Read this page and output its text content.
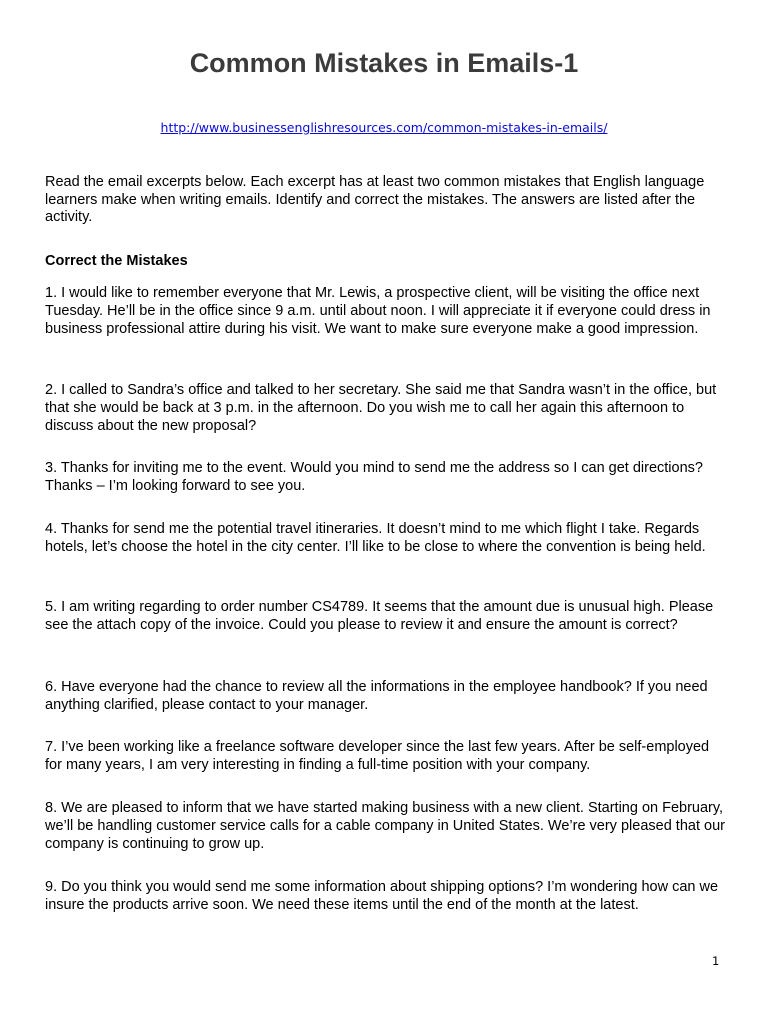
Common Mistakes in Emails-1
http://www.businessenglishresources.com/common-mistakes-in-emails/

Read the email excerpts below. Each excerpt has at least two common mistakes that English language learners make when writing emails. Identify and correct the mistakes. The answers are listed after the activity.

Correct the Mistakes

1. I would like to remember everyone that Mr. Lewis, a prospective client, will be visiting the office next Tuesday. He’ll be in the office since 9 a.m. until about noon. I will appreciate it if everyone could dress in business professional attire during his visit. We want to make sure everyone make a good impression.

2. I called to Sandra’s office and talked to her secretary. She said me that Sandra wasn’t in the office, but that she would be back at 3 p.m. in the afternoon. Do you wish me to call her again this afternoon to discuss about the new proposal?

3. Thanks for inviting me to the event. Would you mind to send me the address so I can get directions? Thanks – I’m looking forward to see you.

4. Thanks for send me the potential travel itineraries. It doesn’t mind to me which flight I take. Regards hotels, let’s choose the hotel in the city center. I’ll like to be close to where the convention is being held.

5. I am writing regarding to order number CS4789. It seems that the amount due is unusual high. Please see the attach copy of the invoice. Could you please to review it and ensure the amount is correct?

6. Have everyone had the chance to review all the informations in the employee handbook? If you need anything clarified, please contact to your manager.

7. I’ve been working like a freelance software developer since the last few years. After be self-employed for many years, I am very interesting in finding a full-time position with your company.

8. We are pleased to inform that we have started making business with a new client. Starting on February, we’ll be handling customer service calls for a cable company in United States. We’re very pleased that our company is continuing to grow up.

9. Do you think you would send me some information about shipping options? I’m wondering how can we insure the products arrive soon. We need these items until the end of the month at the latest.

1
